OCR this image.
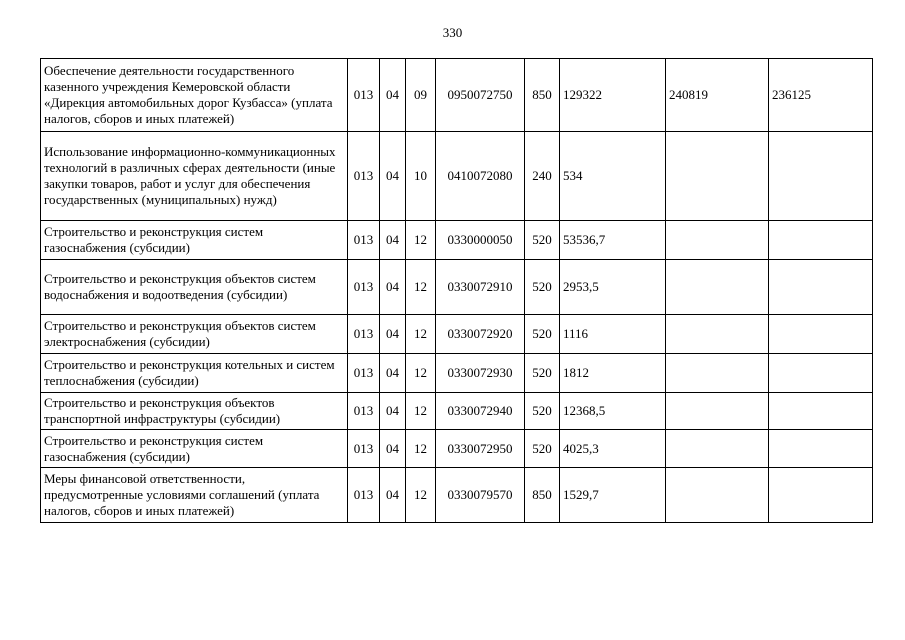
330
Обеспечение деятельности государственного казенного учреждения Кемеровской области «Дирекция автомобильных дорог Кузбасса» (уплата налогов, сборов и иных платежей)	013	04	09	0950072750	850	129322	240819	236125
Использование информационно-коммуникационных технологий в различных сферах деятельности (иные закупки товаров, работ и услуг для обеспечения государственных (муниципальных) нужд)	013	04	10	0410072080	240	534		
Строительство и реконструкция систем газоснабжения (субсидии)	013	04	12	0330000050	520	53536,7		
Строительство и реконструкция объектов систем водоснабжения и водоотведения (субсидии)	013	04	12	0330072910	520	2953,5		
Строительство и реконструкция объектов систем электроснабжения (субсидии)	013	04	12	0330072920	520	1116		
Строительство и реконструкция котельных и систем теплоснабжения (субсидии)	013	04	12	0330072930	520	1812		
Строительство и реконструкция объектов транспортной инфраструктуры (субсидии)	013	04	12	0330072940	520	12368,5		
Строительство и реконструкция систем газоснабжения (субсидии)	013	04	12	0330072950	520	4025,3		
Меры финансовой ответственности, предусмотренные условиями соглашений (уплата налогов, сборов и иных платежей)	013	04	12	0330079570	850	1529,7		
